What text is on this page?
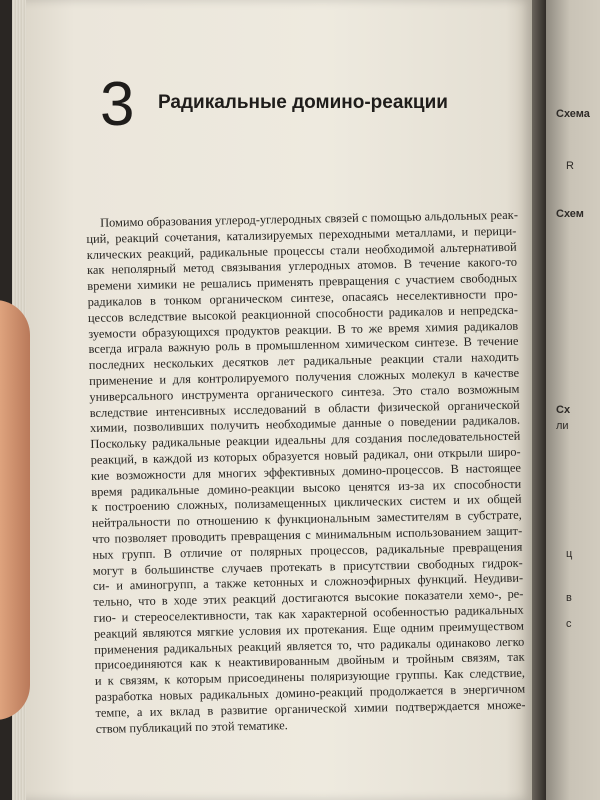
Схема
R
Схем
Сх
ли
ц
в
с
3 Радикальные домино-реакции
Помимо образования углерод-углеродных связей с помощью альдольных реак-
ций, реакций сочетания, катализируемых переходными металлами, и перици-
клических реакций, радикальные процессы стали необходимой альтернативой
как неполярный метод связывания углеродных атомов. В течение какого-то
времени химики не решались применять превращения с участием свободных
радикалов в тонком органическом синтезе, опасаясь неселективности про-
цессов вследствие высокой реакционной способности радикалов и непредска-
зуемости образующихся продуктов реакции. В то же время химия радикалов
всегда играла важную роль в промышленном химическом синтезе. В течение
последних нескольких десятков лет радикальные реакции стали находить
применение и для контролируемого получения сложных молекул в качестве
универсального инструмента органического синтеза. Это стало возможным
вследствие интенсивных исследований в области физической органической
химии, позволивших получить необходимые данные о поведении радикалов.
Поскольку радикальные реакции идеальны для создания последовательностей
реакций, в каждой из которых образуется новый радикал, они открыли широ-
кие возможности для многих эффективных домино-процессов. В настоящее
время радикальные домино-реакции высоко ценятся из-за их способности
к построению сложных, полизамещенных циклических систем и их общей
нейтральности по отношению к функциональным заместителям в субстрате,
что позволяет проводить превращения с минимальным использованием защит-
ных групп. В отличие от полярных процессов, радикальные превращения
могут в большинстве случаев протекать в присутствии свободных гидрок-
си- и аминогрупп, а также кетонных и сложноэфирных функций. Неудиви-
тельно, что в ходе этих реакций достигаются высокие показатели хемо-, ре-
гио- и стереоселективности, так как характерной особенностью радикальных
реакций являются мягкие условия их протекания. Еще одним преимуществом
применения радикальных реакций является то, что радикалы одинаково легко
присоединяются как к неактивированным двойным и тройным связям, так
и к связям, к которым присоединены поляризующие группы. Как следствие,
разработка новых радикальных домино-реакций продолжается в энергичном
темпе, а их вклад в развитие органической химии подтверждается множе-
ством публикаций по этой тематике.
